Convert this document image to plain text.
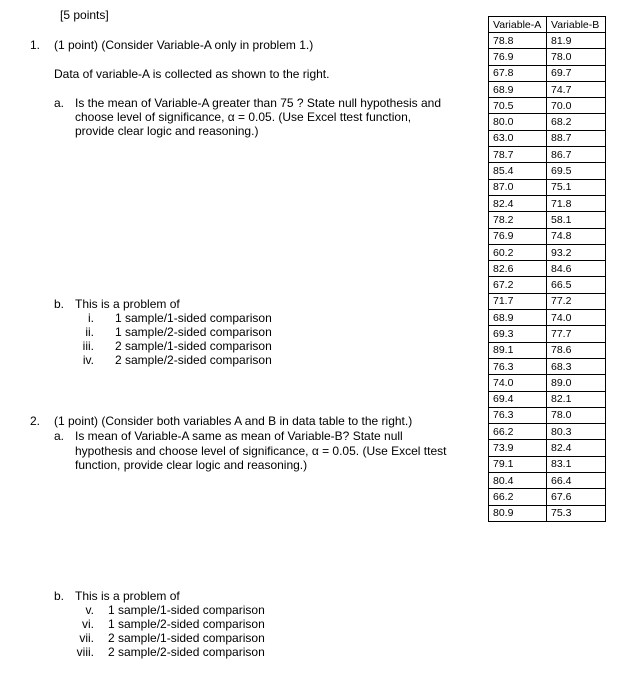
[5 points]
1. (1 point) (Consider Variable-A only in problem 1.)
Data of variable-A is collected as shown to the right.
a. Is the mean of Variable-A greater than 75 ? State null hypothesis and
choose level of significance, α = 0.05. (Use Excel ttest function,
provide clear logic and reasoning.)
b. This is a problem of
i. 1 sample/1-sided comparison
ii. 1 sample/2-sided comparison
iii. 2 sample/1-sided comparison
iv. 2 sample/2-sided comparison
2. (1 point) (Consider both variables A and B in data table to the right.)
a. Is mean of Variable-A same as mean of Variable-B? State null
hypothesis and choose level of significance, α = 0.05. (Use Excel ttest
function, provide clear logic and reasoning.)
b. This is a problem of
v. 1 sample/1-sided comparison
vi. 1 sample/2-sided comparison
vii. 2 sample/1-sided comparison
viii. 2 sample/2-sided comparison
Variable-A	Variable-B
78.8	81.9
76.9	78.0
67.8	69.7
68.9	74.7
70.5	70.0
80.0	68.2
63.0	88.7
78.7	86.7
85.4	69.5
87.0	75.1
82.4	71.8
78.2	58.1
76.9	74.8
60.2	93.2
82.6	84.6
67.2	66.5
71.7	77.2
68.9	74.0
69.3	77.7
89.1	78.6
76.3	68.3
74.0	89.0
69.4	82.1
76.3	78.0
66.2	80.3
73.9	82.4
79.1	83.1
80.4	66.4
66.2	67.6
80.9	75.3
